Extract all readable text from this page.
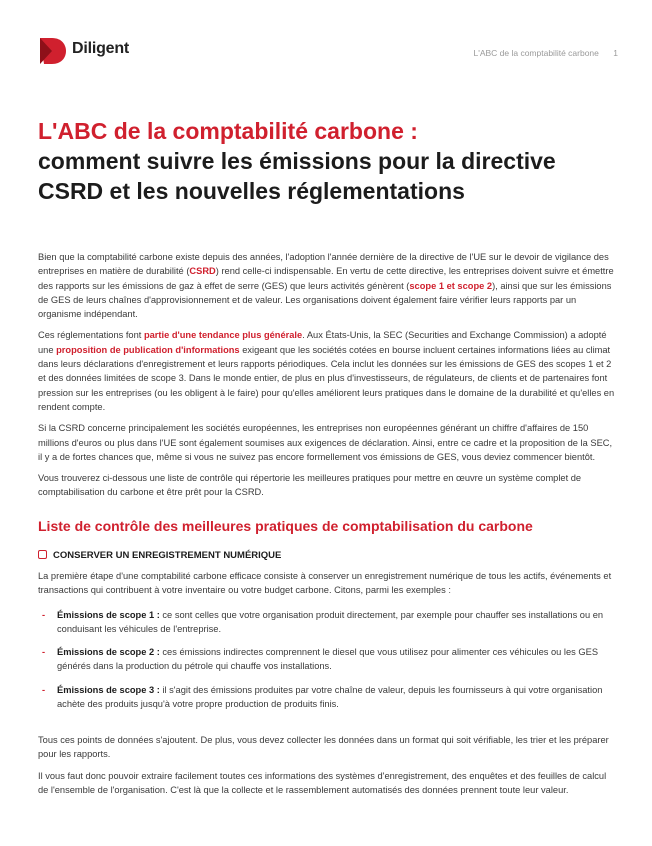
Diligent	L'ABC de la comptabilité carbone 1
L'ABC de la comptabilité carbone :
comment suivre les émissions pour la directive
CSRD et les nouvelles réglementations

Bien que la comptabilité carbone existe depuis des années, l'adoption l'année dernière de la directive de l'UE sur le devoir de vigilance des entreprises en matière de durabilité (CSRD) rend celle-ci indispensable. En vertu de cette directive, les entreprises doivent suivre et émettre des rapports sur les émissions de gaz à effet de serre (GES) que leurs activités génèrent (scope 1 et scope 2), ainsi que sur les émissions de GES de leurs chaînes d'approvisionnement et de valeur. Les organisations doivent également faire vérifier leurs rapports par un organisme indépendant.

Ces réglementations font partie d'une tendance plus générale. Aux États-Unis, la SEC (Securities and Exchange Commission) a adopté une proposition de publication d'informations exigeant que les sociétés cotées en bourse incluent certaines informations liées au climat dans leurs déclarations d'enregistrement et leurs rapports périodiques. Cela inclut les données sur les émissions de GES des scopes 1 et 2 et des données limitées de scope 3. Dans le monde entier, de plus en plus d'investisseurs, de régulateurs, de clients et de partenaires font pression sur les entreprises (ou les obligent à le faire) pour qu'elles améliorent leurs pratiques dans le domaine de la durabilité et qu'elles en rendent compte.

Si la CSRD concerne principalement les sociétés européennes, les entreprises non européennes générant un chiffre d'affaires de 150 millions d'euros ou plus dans l'UE sont également soumises aux exigences de déclaration. Ainsi, entre ce cadre et la proposition de la SEC, il y a de fortes chances que, même si vous ne suivez pas encore formellement vos émissions de GES, vous deviez commencer bientôt.

Vous trouverez ci-dessous une liste de contrôle qui répertorie les meilleures pratiques pour mettre en œuvre un système complet de comptabilisation du carbone et être prêt pour la CSRD.

Liste de contrôle des meilleures pratiques de comptabilisation du carbone
CONSERVER UN ENREGISTREMENT NUMÉRIQUE

La première étape d'une comptabilité carbone efficace consiste à conserver un enregistrement numérique de tous les actifs, événements et transactions qui contribuent à votre inventaire ou votre budget carbone. Citons, parmi les exemples :

- Émissions de scope 1 : ce sont celles que votre organisation produit directement, par exemple pour chauffer ses installations ou en conduisant les véhicules de l'entreprise.
- Émissions de scope 2 : ces émissions indirectes comprennent le diesel que vous utilisez pour alimenter ces véhicules ou les GES générés dans la production du pétrole qui chauffe vos installations.
- Émissions de scope 3 : il s'agit des émissions produites par votre chaîne de valeur, depuis les fournisseurs à qui votre organisation achète des produits jusqu'à votre propre production de produits finis.

Tous ces points de données s'ajoutent. De plus, vous devez collecter les données dans un format qui soit vérifiable, les trier et les préparer pour les rapports.

Il vous faut donc pouvoir extraire facilement toutes ces informations des systèmes d'enregistrement, des enquêtes et des feuilles de calcul de l'ensemble de l'organisation. C'est là que la collecte et le rassemblement automatisés des données prennent toute leur valeur.
